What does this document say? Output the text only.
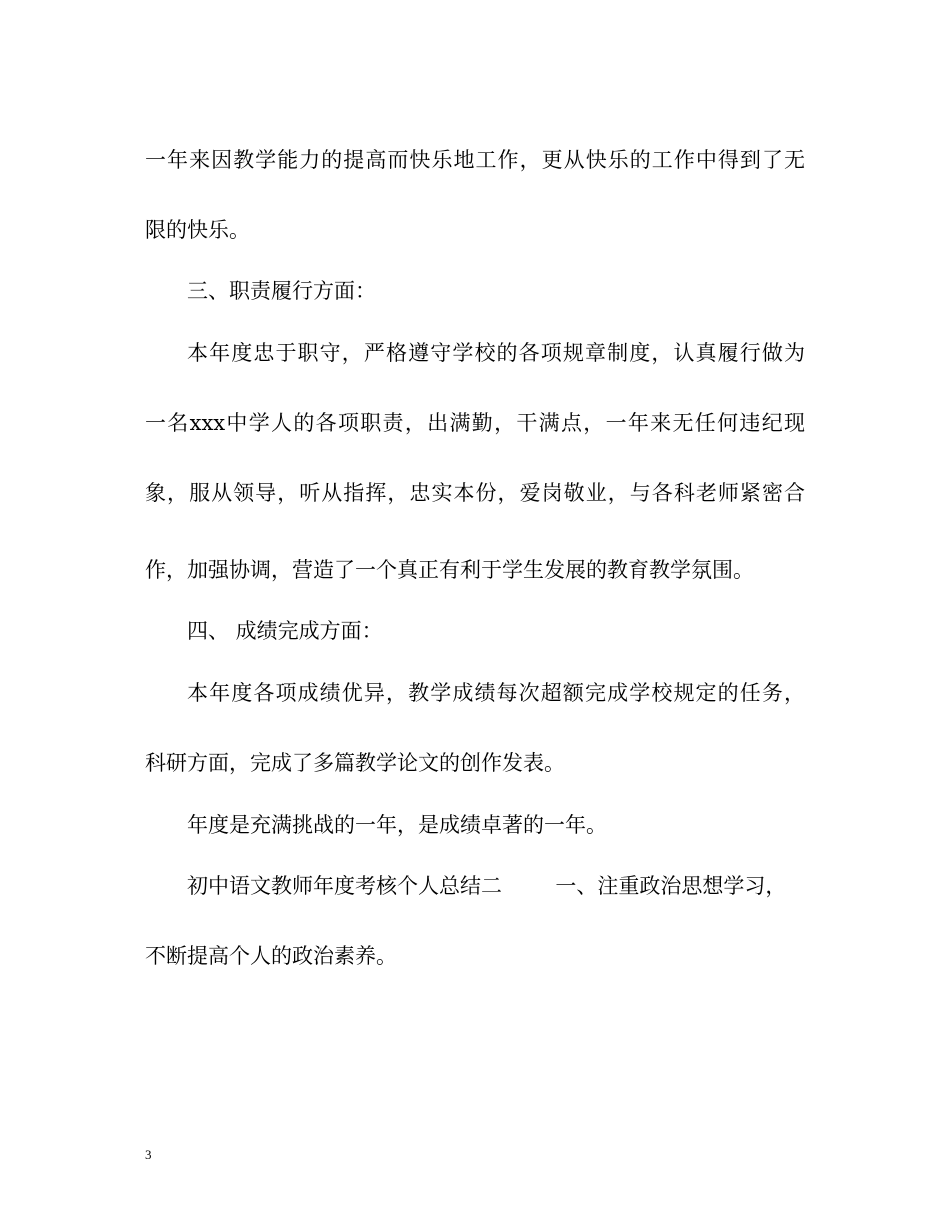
一年来因教学能力的提高而快乐地工作，更从快乐的工作中得到了无
限的快乐。
三、职责履行方面：
本年度忠于职守，严格遵守学校的各项规章制度，认真履行做为
一名xxx中学人的各项职责，出满勤，干满点，一年来无任何违纪现
象，服从领导，听从指挥，忠实本份，爱岗敬业，与各科老师紧密合
作，加强协调，营造了一个真正有利于学生发展的教育教学氛围。
四、 成绩完成方面：
本年度各项成绩优异，教学成绩每次超额完成学校规定的任务，
科研方面，完成了多篇教学论文的创作发表。
年度是充满挑战的一年，是成绩卓著的一年。
初中语文教师年度考核个人总结二        一、注重政治思想学习，
不断提高个人的政治素养。
3
